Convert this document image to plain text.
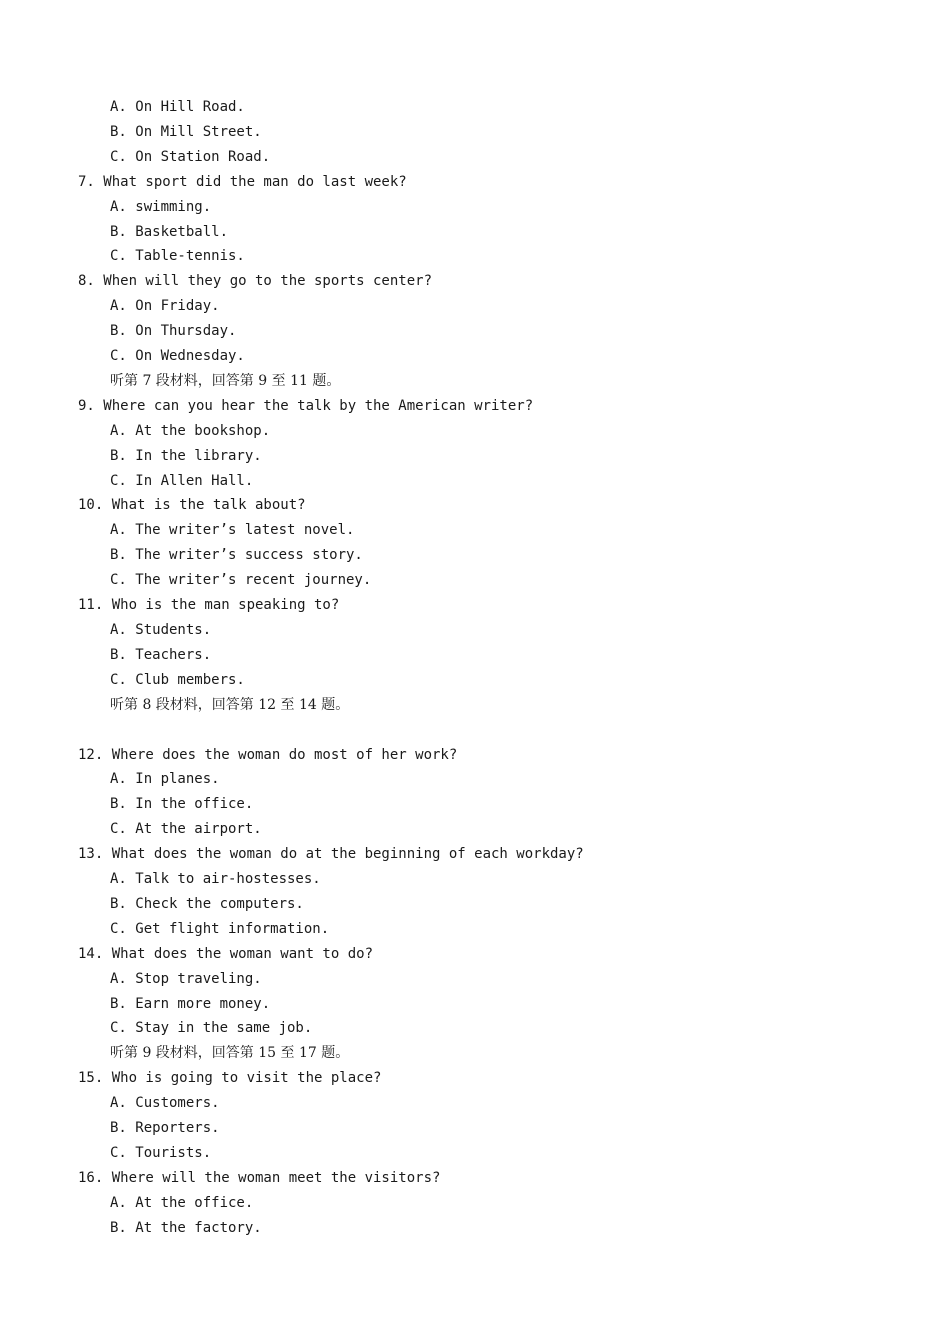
A. On Hill Road.
B. On Mill Street.
C. On Station Road.
7. What sport did the man do last week?
A. swimming.
B. Basketball.
C. Table-tennis.
8. When will they go to the sports center?
A. On Friday.
B. On Thursday.
C. On Wednesday.
听第 7 段材料，回答第 9 至 11 题。
9. Where can you hear the talk by the American writer?
A. At the bookshop.
B. In the library.
C. In Allen Hall.
10. What is the talk about?
A. The writer’s latest novel.
B. The writer’s success story.
C. The writer’s recent journey.
11. Who is the man speaking to?
A. Students.
B. Teachers.
C. Club members.
听第 8 段材料，回答第 12 至 14 题。
12. Where does the woman do most of her work?
A. In planes.
B. In the office.
C. At the airport.
13. What does the woman do at the beginning of each workday?
A. Talk to air-hostesses.
B. Check the computers.
C. Get flight information.
14. What does the woman want to do?
A. Stop traveling.
B. Earn more money.
C. Stay in the same job.
听第 9 段材料，回答第 15 至 17 题。
15. Who is going to visit the place?
A. Customers.
B. Reporters.
C. Tourists.
16. Where will the woman meet the visitors?
A. At the office.
B. At the factory.
